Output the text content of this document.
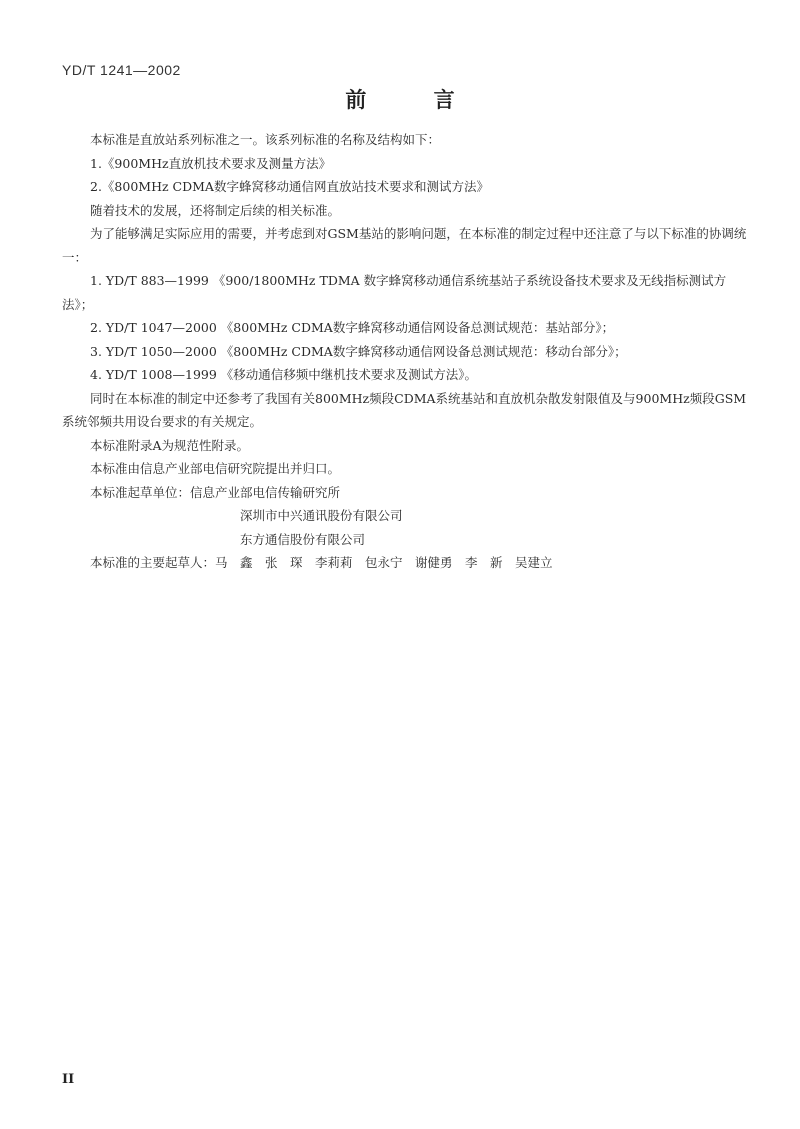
YD/T 1241—2002
前 言

本标准是直放站系列标准之一。该系列标准的名称及结构如下：

1.《900MHz直放机技术要求及测量方法》

2.《800MHz CDMA数字蜂窝移动通信网直放站技术要求和测试方法》

随着技术的发展，还将制定后续的相关标准。

为了能够满足实际应用的需要，并考虑到对GSM基站的影响问题，在本标准的制定过程中还注意了与以下标准的协调统一：

1. YD/T 883—1999 《900/1800MHz TDMA 数字蜂窝移动通信系统基站子系统设备技术要求及无线指标测试方法》；

2. YD/T 1047—2000 《800MHz CDMA数字蜂窝移动通信网设备总测试规范：基站部分》；

3. YD/T 1050—2000 《800MHz CDMA数字蜂窝移动通信网设备总测试规范：移动台部分》；

4. YD/T 1008—1999 《移动通信移频中继机技术要求及测试方法》。

同时在本标准的制定中还参考了我国有关800MHz频段CDMA系统基站和直放机杂散发射限值及与900MHz频段GSM系统邻频共用设台要求的有关规定。

本标准附录A为规范性附录。

本标准由信息产业部电信研究院提出并归口。

本标准起草单位：信息产业部电信传输研究所

深圳市中兴通讯股份有限公司

东方通信股份有限公司

本标准的主要起草人：马　鑫　张　琛　李莉莉　包永宁　谢健勇　李　新　吴建立

II
